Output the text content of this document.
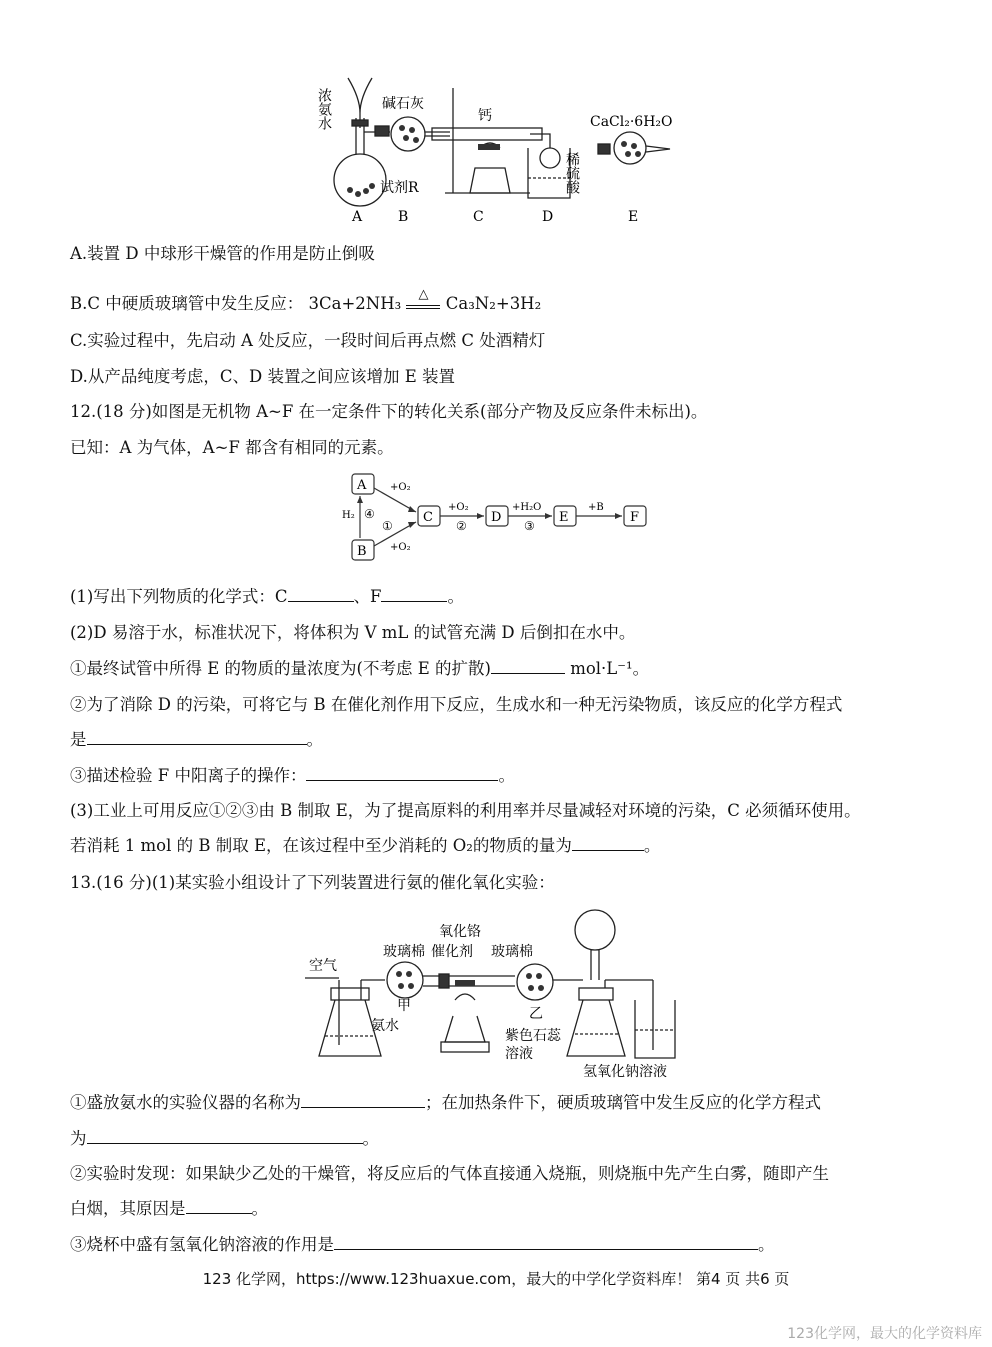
浓氨水	碱石灰
钙	CaCl₂·6H₂O
稀硫酸
试剂R
A	B	C	D	E
A.装置 D 中球形干燥管的作用是防止倒吸
B.C 中硬质玻璃管中发生反应： 3Ca+2NH₃	△	Ca₃N₂+3H₂
C.实验过程中，先启动 A 处反应，一段时间后再点燃 C 处酒精灯
D.从产品纯度考虑，C、D 装置之间应该增加 E 装置
12.(18 分)如图是无机物 A~F 在一定条件下的转化关系(部分产物及反应条件未标出)。
已知：A 为气体，A~F 都含有相同的元素。
A
B
C	D	E	F
+O₂
+O₂
+O₂	+H₂O	+B
H₂ ④
①	②	③
(1)写出下列物质的化学式：C	、F	。
(2)D 易溶于水，标准状况下，将体积为 V mL 的试管充满 D 后倒扣在水中。
①最终试管中所得 E 的物质的量浓度为(不考虑 E 的扩散)	mol·L⁻¹。
②为了消除 D 的污染，可将它与 B 在催化剂作用下反应，生成水和一种无污染物质，该反应的化学方程式
是	。
③描述检验 F 中阳离子的操作：	。
(3)工业上可用反应①②③由 B 制取 E，为了提高原料的利用率并尽量减轻对环境的污染，C 必须循环使用。
若消耗 1 mol 的 B 制取 E，在该过程中至少消耗的 O₂的物质的量为	。
13.(16 分)(1)某实验小组设计了下列装置进行氨的催化氧化实验：
空气
玻璃棉
氧化铬
催化剂 玻璃棉
甲	乙
氨水
紫色石蕊
溶液
氢氧化钠溶液
①盛放氨水的实验仪器的名称为	；在加热条件下，硬质玻璃管中发生反应的化学方程式
为	。
②实验时发现：如果缺少乙处的干燥管，将反应后的气体直接通入烧瓶，则烧瓶中先产生白雾，随即产生
白烟，其原因是	。
③烧杯中盛有氢氧化钠溶液的作用是	。
123 化学网，https://www.123huaxue.com，最大的中学化学资料库！ 第4 页 共6 页
123化学网，最大的化学资料库
